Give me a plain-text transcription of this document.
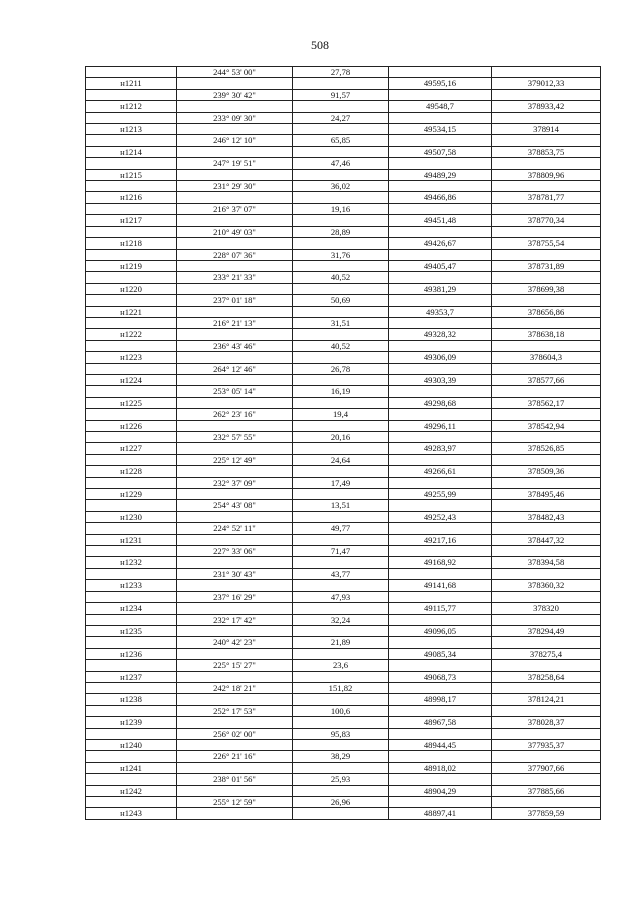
508
	244° 53' 00"	27,78		
н1211			49595,16	379012,33
	239° 30' 42"	91,57		
н1212			49548,7	378933,42
	233° 09' 30"	24,27		
н1213			49534,15	378914
	246° 12' 10"	65,85		
н1214			49507,58	378853,75
	247° 19' 51"	47,46		
н1215			49489,29	378809,96
	231° 29' 30"	36,02		
н1216			49466,86	378781,77
	216° 37' 07"	19,16		
н1217			49451,48	378770,34
	210° 49' 03"	28,89		
н1218			49426,67	378755,54
	228° 07' 36"	31,76		
н1219			49405,47	378731,89
	233° 21' 33"	40,52		
н1220			49381,29	378699,38
	237° 01' 18"	50,69		
н1221			49353,7	378656,86
	216° 21' 13"	31,51		
н1222			49328,32	378638,18
	236° 43' 46"	40,52		
н1223			49306,09	378604,3
	264° 12' 46"	26,78		
н1224			49303,39	378577,66
	253° 05' 14"	16,19		
н1225			49298,68	378562,17
	262° 23' 16"	19,4		
н1226			49296,11	378542,94
	232° 57' 55"	20,16		
н1227			49283,97	378526,85
	225° 12' 49"	24,64		
н1228			49266,61	378509,36
	232° 37' 09"	17,49		
н1229			49255,99	378495,46
	254° 43' 08"	13,51		
н1230			49252,43	378482,43
	224° 52' 11"	49,77		
н1231			49217,16	378447,32
	227° 33' 06"	71,47		
н1232			49168,92	378394,58
	231° 30' 43"	43,77		
н1233			49141,68	378360,32
	237° 16' 29"	47,93		
н1234			49115,77	378320
	232° 17' 42"	32,24		
н1235			49096,05	378294,49
	240° 42' 23"	21,89		
н1236			49085,34	378275,4
	225° 15' 27"	23,6		
н1237			49068,73	378258,64
	242° 18' 21"	151,82		
н1238			48998,17	378124,21
	252° 17' 53"	100,6		
н1239			48967,58	378028,37
	256° 02' 00"	95,83		
н1240			48944,45	377935,37
	226° 21' 16"	38,29		
н1241			48918,02	377907,66
	238° 01' 56"	25,93		
н1242			48904,29	377885,66
	255° 12' 59"	26,96		
н1243			48897,41	377859,59
